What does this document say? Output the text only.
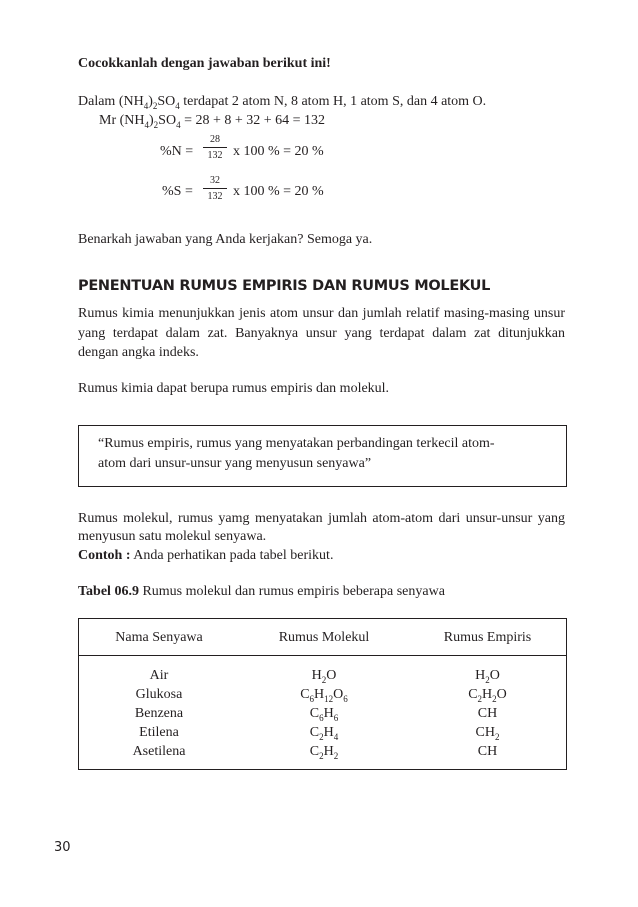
Cocokkanlah dengan jawaban berikut ini!
Dalam $(NH_4)_2SO_4$ terdapat 2 atom N, 8 atom H, 1 atom S, dan 4 atom O.
Mr $(NH_4)_2SO_4 = 28 + 8 + 32 + 64 = 132$
$\%N = \frac{28}{132}$ x 100 % = 20 %
$\%S = \frac{32}{132}$ x 100 % = 20 %
Benarkah jawaban yang Anda kerjakan? Semoga ya.
PENENTUAN RUMUS EMPIRIS DAN RUMUS MOLEKUL
Rumus kimia menunjukkan jenis atom unsur dan jumlah relatif masing-masing unsur yang terdapat dalam zat. Banyaknya unsur yang terdapat dalam zat ditunjukkan dengan angka indeks.
Rumus kimia dapat berupa rumus empiris dan molekul.
“Rumus empiris, rumus yang menyatakan perbandingan terkecil atom-
atom dari unsur-unsur yang menyusun senyawa”
Rumus molekul, rumus yamg menyatakan jumlah atom-atom dari unsur-unsur yang menyusun satu molekul senyawa.
Contoh : Anda perhatikan pada tabel berikut.
Tabel 06.9 Rumus molekul dan rumus empiris beberapa senyawa
Nama Senyawa	Rumus Molekul	Rumus Empiris
Air
Glukosa
Benzena
Etilena
Asetilena
$H_2O$
$C_6H_{12}O_6$
$C_6H_6$
$C_2H_4$
$C_2H_2$
$H_2O$
$C_2H_2O$
CH
$CH_2$
CH
30
